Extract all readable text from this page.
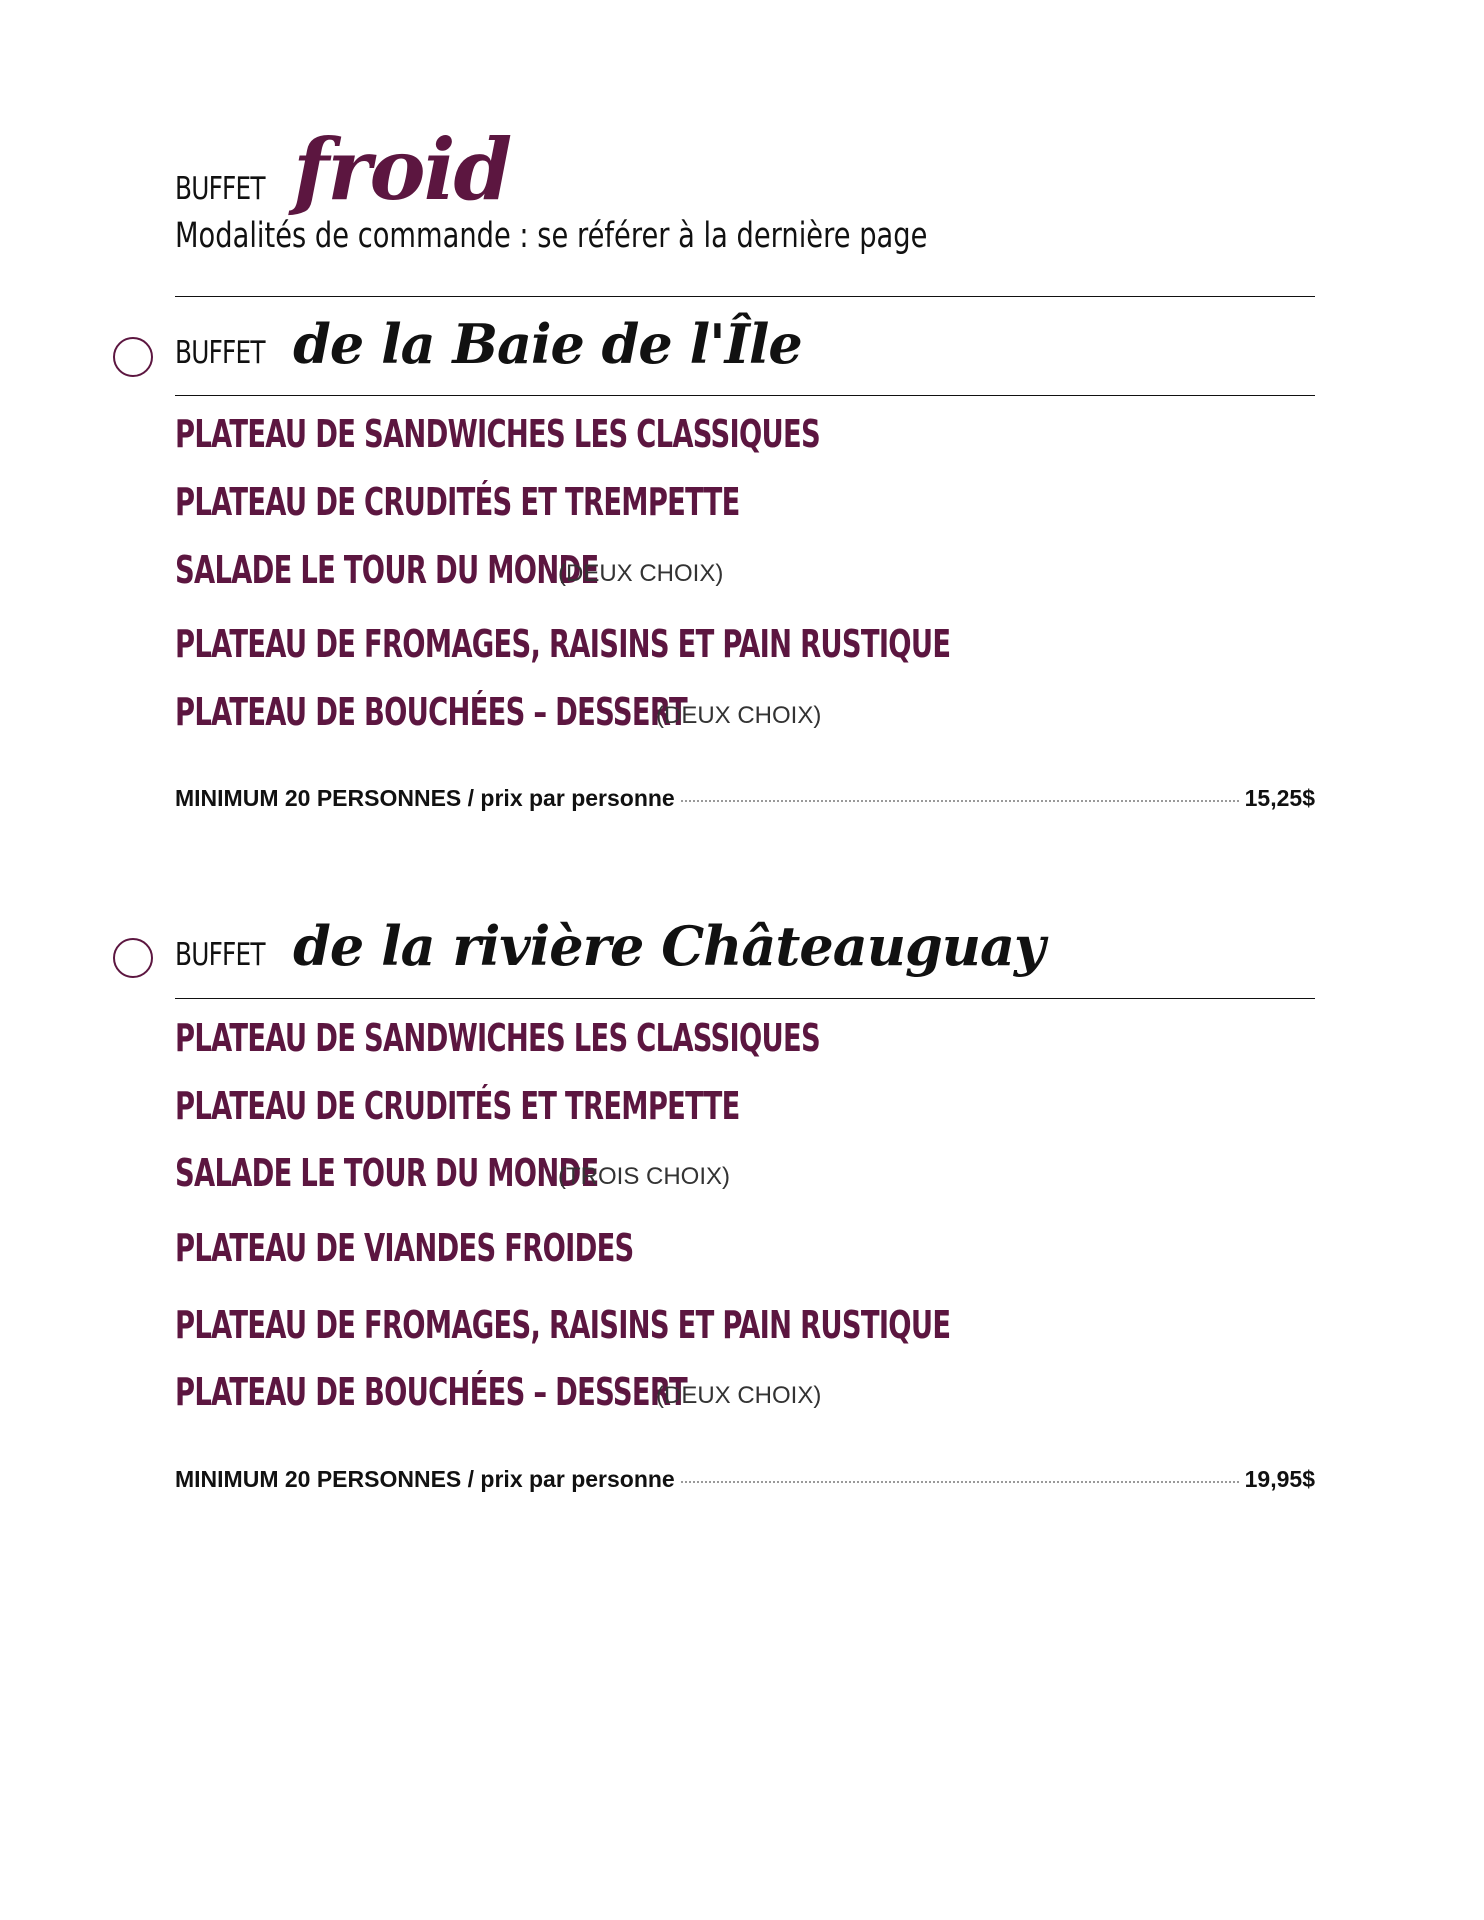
BUFFET froid
Modalités de commande : se référer à la dernière page
BUFFET de la Baie de l'Île
PLATEAU DE SANDWICHES LES CLASSIQUES
PLATEAU DE CRUDITÉS ET TREMPETTE
SALADE LE TOUR DU MONDE
(DEUX CHOIX)
PLATEAU DE FROMAGES, RAISINS ET PAIN RUSTIQUE
PLATEAU DE BOUCHÉES – DESSERT
(DEUX CHOIX)
MINIMUM 20 PERSONNES / prix par personne	15,25$
BUFFET de la rivière Châteauguay
PLATEAU DE SANDWICHES LES CLASSIQUES
PLATEAU DE CRUDITÉS ET TREMPETTE
SALADE LE TOUR DU MONDE
(TROIS CHOIX)
PLATEAU DE VIANDES FROIDES
PLATEAU DE FROMAGES, RAISINS ET PAIN RUSTIQUE
PLATEAU DE BOUCHÉES – DESSERT
(DEUX CHOIX)
MINIMUM 20 PERSONNES / prix par personne	19,95$
